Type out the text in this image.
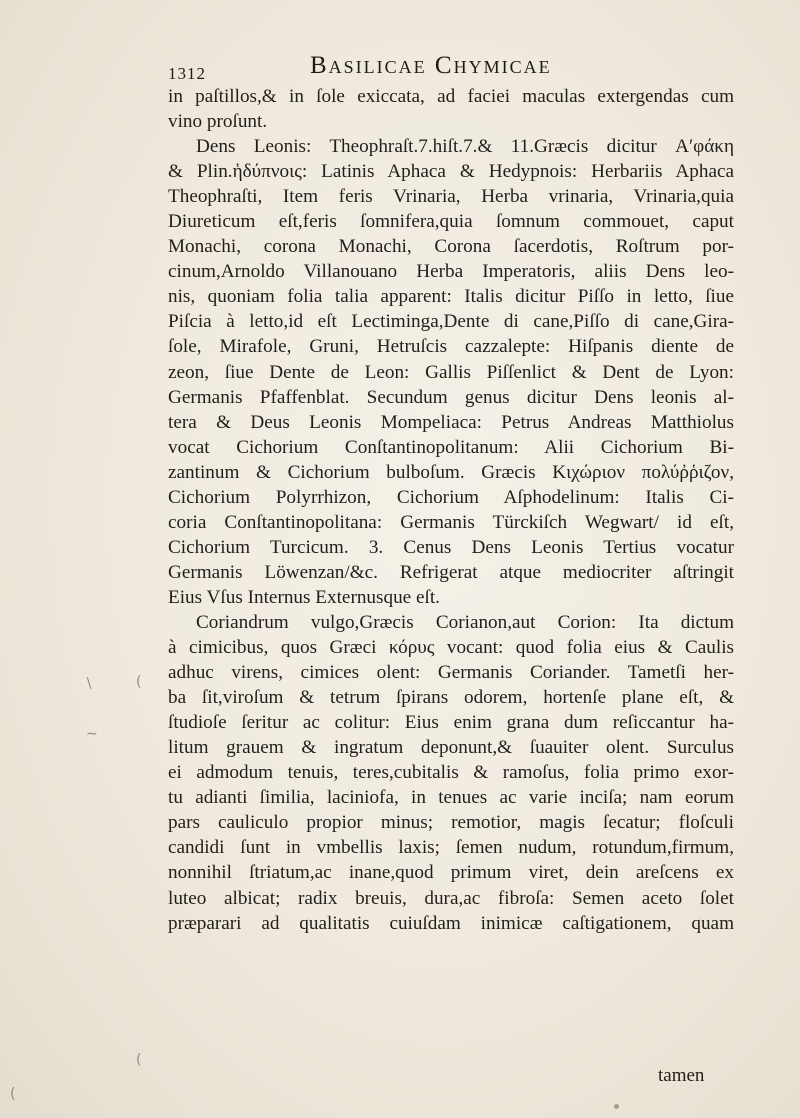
1312	Basilicae Chymicae
in paſtillos,& in ſole exiccata, ad faciei maculas extergendas cum
vino proſunt.
Dens Leonis: Theophraſt.7.hiſt.7.& 11.Græcis dicitur Αʹφάκη
& Plin.ἡδύπνοις: Latinis Aphaca & Hedypnois: Herbariis Aphaca
Theophraſti, Item feris Vrinaria, Herba vrinaria, Vrinaria,quia
Diureticum eſt,feris ſomnifera,quia ſomnum commouet, caput
Monachi, corona Monachi, Corona ſacerdotis, Roſtrum por-
cinum,Arnoldo Villanouano Herba Imperatoris, aliis Dens leo-
nis, quoniam folia talia apparent: Italis dicitur Piſſo in letto, ſiue
Piſcia à letto,id eſt Lectiminga,Dente di cane,Piſſo di cane,Gira-
ſole, Mirafole, Gruni, Hetruſcis cazzalepte: Hiſpanis diente de
zeon, ſiue Dente de Leon: Gallis Piſſenlict & Dent de Lyon:
Germanis Pfaffenblat. Secundum genus dicitur Dens leonis al-
tera & Deus Leonis Mompeliaca: Petrus Andreas Matthiolus
vocat Cichorium Conſtantinopolitanum: Alii Cichorium Bi-
zantinum & Cichorium bulboſum. Græcis Κιχώριον πολύῤῥιζον,
Cichorium Polyrrhizon, Cichorium Aſphodelinum: Italis Ci-
coria Conſtantinopolitana: Germanis Türckiſch Wegwart/ id eſt,
Cichorium Turcicum. 3. Cenus Dens Leonis Tertius vocatur
Germanis Löwenzan/&c. Refrigerat atque mediocriter aſtringit
Eius Vſus Internus Externusque eſt.
Coriandrum vulgo,Græcis Corianon,aut Corion: Ita dictum
à cimicibus, quos Græci κόρυς vocant: quod folia eius & Caulis
adhuc virens, cimices olent: Germanis Coriander. Tametſi her-
ba ſit,viroſum & tetrum ſpirans odorem, hortenſe plane eſt, &
ſtudioſe ſeritur ac colitur: Eius enim grana dum reſiccantur ha-
litum grauem & ingratum deponunt,& ſuauiter olent. Surculus
ei admodum tenuis, teres,cubitalis & ramoſus, folia primo exor-
tu adianti ſimilia, laciniofa, in tenues ac varie inciſa; nam eorum
pars cauliculo propior minus; remotior, magis ſecatur; floſculi
candidi ſunt in vmbellis laxis; ſemen nudum, rotundum,firmum,
nonnihil ſtriatum,ac inane,quod primum viret, dein areſcens ex
luteo albicat; radix breuis, dura,ac fibroſa: Semen aceto ſolet
præparari ad qualitatis cuiuſdam inimicæ caſtigationem, quam
tamen
∖	(
∼
(
(
